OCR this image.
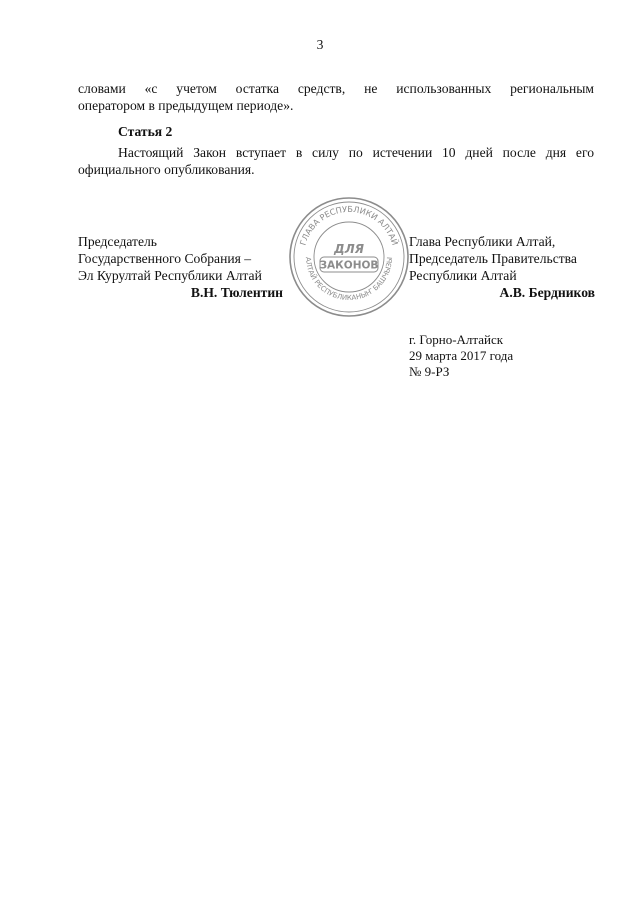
3
словами «с учетом остатка средств, не использованных региональным
оператором в предыдущем периоде».
Статья 2
Настоящий Закон вступает в силу по истечении 10 дней после дня его
официального опубликования.
Председатель
Государственного Собрания –
Эл Курултай Республики Алтай
В.Н. Тюлентин
ГЛАВА РЕСПУБЛИКИ АЛТАЙ
АЛТАЙ РЕСПУБЛИКАНЫҤ БАШЧЫЗЫ
ДЛЯ
ЗАКОНОВ
Глава Республики Алтай,
Председатель Правительства
Республики Алтай
А.В. Бердников
г. Горно-Алтайск
29 марта 2017 года
№ 9-РЗ
